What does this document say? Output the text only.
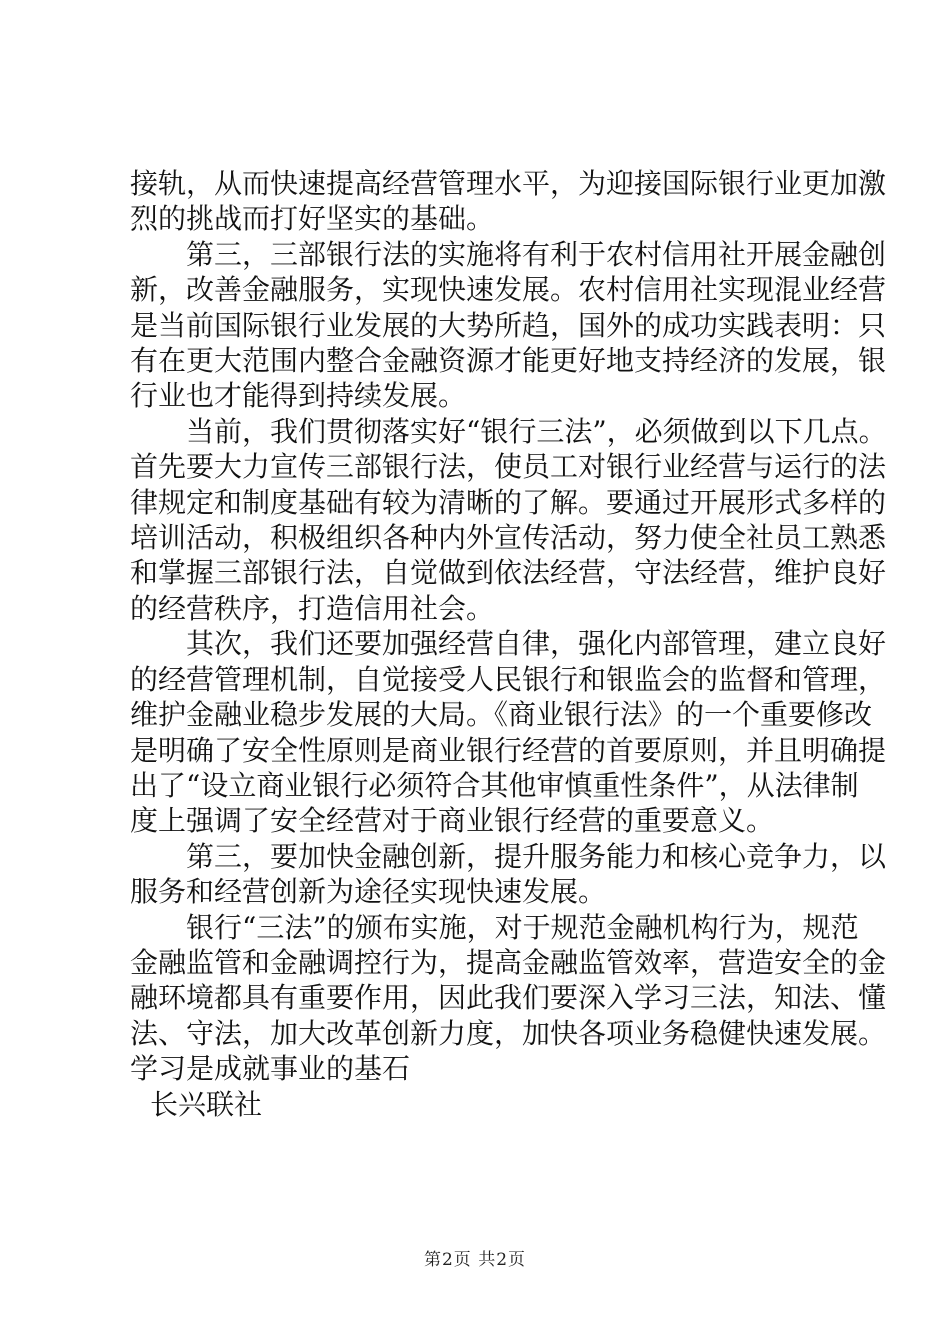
接轨，从而快速提高经营管理水平，为迎接国际银行业更加激
烈的挑战而打好坚实的基础。
第三，三部银行法的实施将有利于农村信用社开展金融创
新，改善金融服务，实现快速发展。农村信用社实现混业经营
是当前国际银行业发展的大势所趋，国外的成功实践表明：只
有在更大范围内整合金融资源才能更好地支持经济的发展，银
行业也才能得到持续发展。
当前，我们贯彻落实好“银行三法”，必须做到以下几点。
首先要大力宣传三部银行法，使员工对银行业经营与运行的法
律规定和制度基础有较为清晰的了解。要通过开展形式多样的
培训活动，积极组织各种内外宣传活动，努力使全社员工熟悉
和掌握三部银行法，自觉做到依法经营，守法经营，维护良好
的经营秩序，打造信用社会。
其次，我们还要加强经营自律，强化内部管理，建立良好
的经营管理机制，自觉接受人民银行和银监会的监督和管理，
维护金融业稳步发展的大局。《商业银行法》的一个重要修改
是明确了安全性原则是商业银行经营的首要原则，并且明确提
出了“设立商业银行必须符合其他审慎重性条件”，从法律制
度上强调了安全经营对于商业银行经营的重要意义。
第三，要加快金融创新，提升服务能力和核心竞争力，以
服务和经营创新为途径实现快速发展。
银行“三法”的颁布实施，对于规范金融机构行为，规范
金融监管和金融调控行为，提高金融监管效率，营造安全的金
融环境都具有重要作用，因此我们要深入学习三法，知法、懂
法、守法，加大改革创新力度，加快各项业务稳健快速发展。
学习是成就事业的基石
长兴联社
第2页 共2页
